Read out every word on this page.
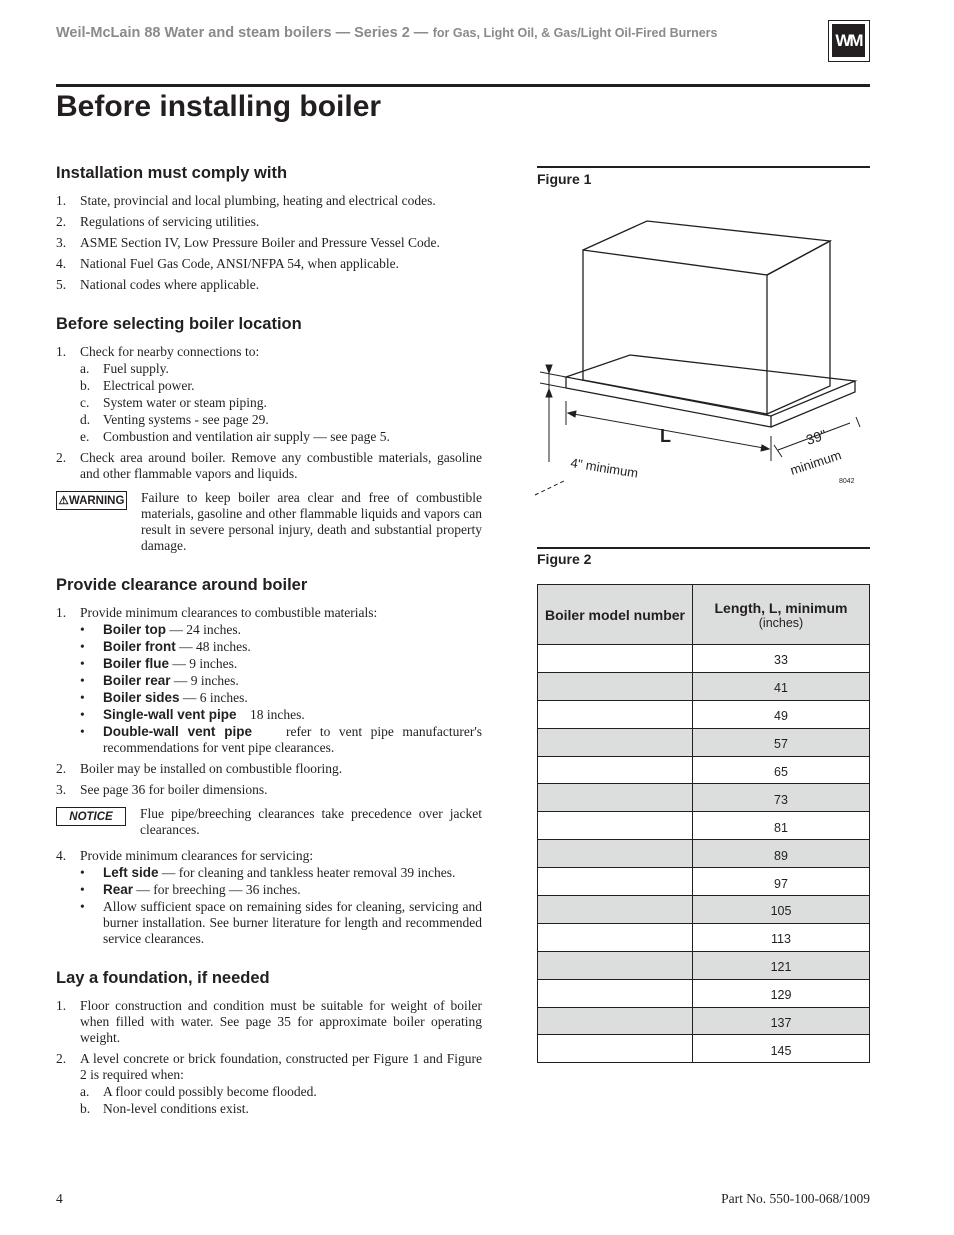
Weil-McLain 88 Water and steam boilers — Series 2 — for Gas, Light Oil, & Gas/Light Oil-Fired Burners	WM
Before installing boiler
Installation must comply with
1.	State, provincial and local plumbing, heating and electrical codes.
2.	Regulations of servicing utilities.
3.	ASME Section IV, Low Pressure Boiler and Pressure Vessel Code.
4.	National Fuel Gas Code, ANSI/NFPA 54, when applicable.
5.	National codes where applicable.
Before selecting boiler location
1.	Check for nearby connections to:
a.	Fuel supply.
b. Electrical power.
c.	System water or steam piping.
d. Venting systems - see page 29.
e.	Combustion and ventilation air supply — see page 5.
2.	Check area around boiler. Remove any combustible materials, gasoline and other flammable vapors and liquids.
⚠WARNING Failure to keep boiler area clear and free of combustible materials, gasoline and other flammable liquids and vapors can result in severe personal injury, death and substantial property damage.
Provide clearance around boiler
1.	Provide minimum clearances to combustible materials:
•	Boiler top — 24 inches.
•	Boiler front — 48 inches.
•	Boiler flue — 9 inches.
•	Boiler rear — 9 inches.
•	Boiler sides — 6 inches.
•	Single-wall vent pipe    18 inches.
•	Double-wall vent pipe    refer to vent pipe manufacturer's recommendations for vent pipe clearances.
2.	Boiler may be installed on combustible flooring.
3.	See page 36 for boiler dimensions.
NOTICE	Flue pipe/breeching clearances take precedence over jacket clearances.
4.	Provide minimum clearances for servicing:
•	Left side — for cleaning and tankless heater removal 39 inches.
•	Rear — for breeching — 36 inches.
•	Allow sufficient space on remaining sides for cleaning, servicing and burner installation. See burner literature for length and recommended service clearances.
Lay a foundation, if needed
1.	Floor construction and condition must be suitable for weight of boiler when filled with water. See page 35 for approximate boiler operating weight.
2.	A level concrete or brick foundation, constructed per Figure 1 and Figure 2 is required when:
a.	A floor could possibly become flooded.
b. Non-level conditions exist.
Figure 1
L	39"
minimum
4" minimum
8042
Figure 2
Boiler model number	Length, L, minimum
(inches)

	33
	41
	49
	57
	65
	73
	81
	89
	97
	105
	113
	121
	129
	137
	145
4	Part No. 550-100-068/1009
